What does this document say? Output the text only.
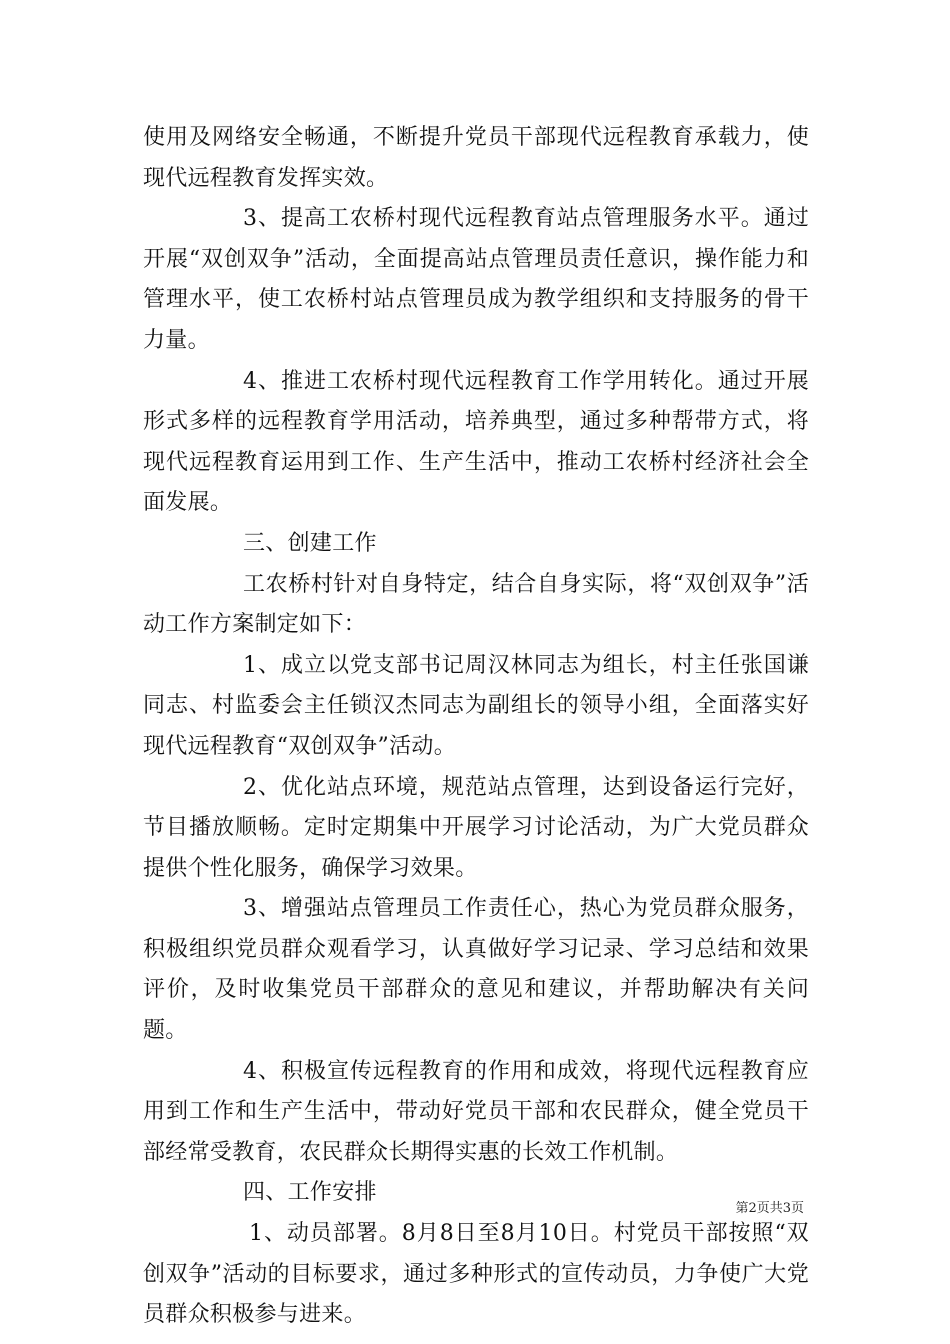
使用及网络安全畅通，不断提升党员干部现代远程教育承载力，使现代远程教育发挥实效。

3、提高工农桥村现代远程教育站点管理服务水平。通过开展“双创双争”活动，全面提高站点管理员责任意识，操作能力和管理水平，使工农桥村站点管理员成为教学组织和支持服务的骨干力量。

4、推进工农桥村现代远程教育工作学用转化。通过开展形式多样的远程教育学用活动，培养典型，通过多种帮带方式，将现代远程教育运用到工作、生产生活中，推动工农桥村经济社会全面发展。

三、创建工作

工农桥村针对自身特定，结合自身实际，将“双创双争”活动工作方案制定如下：

1、成立以党支部书记周汉林同志为组长，村主任张国谦同志、村监委会主任锁汉杰同志为副组长的领导小组，全面落实好现代远程教育“双创双争”活动。

2、优化站点环境，规范站点管理，达到设备运行完好，节目播放顺畅。定时定期集中开展学习讨论活动，为广大党员群众提供个性化服务，确保学习效果。

3、增强站点管理员工作责任心，热心为党员群众服务，积极组织党员群众观看学习，认真做好学习记录、学习总结和效果评价，及时收集党员干部群众的意见和建议，并帮助解决有关问题。

4、积极宣传远程教育的作用和成效，将现代远程教育应用到工作和生产生活中，带动好党员干部和农民群众，健全党员干部经常受教育，农民群众长期得实惠的长效工作机制。

四、工作安排

1、动员部署。8月8日至8月10日。村党员干部按照“双创双争”活动的目标要求，通过多种形式的宣传动员，力争使广大党员群众积极参与进来。

第2页共3页
